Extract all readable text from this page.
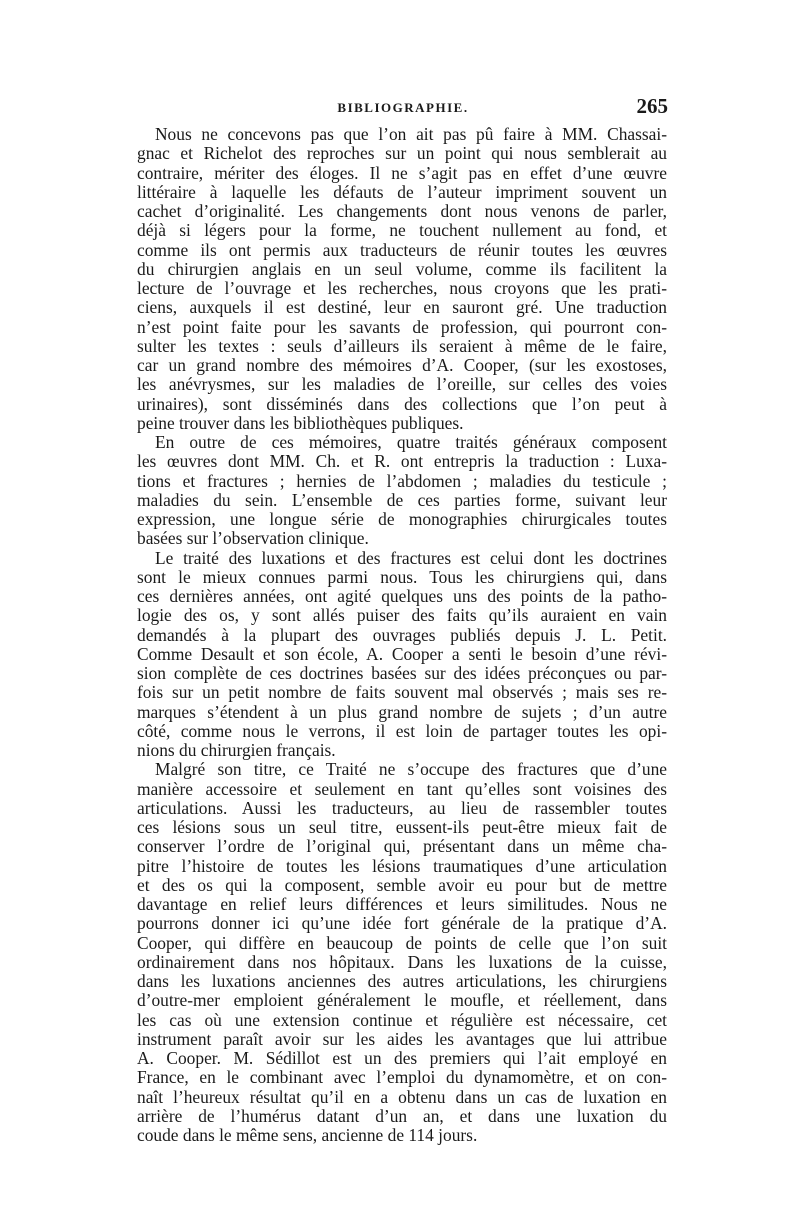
BIBLIOGRAPHIE.	265
Nous ne concevons pas que l’on ait pas pû faire à MM. Chassai-
gnac et Richelot des reproches sur un point qui nous semblerait au
contraire, mériter des éloges. Il ne s’agit pas en effet d’une œuvre
littéraire à laquelle les défauts de l’auteur impriment souvent un
cachet d’originalité. Les changements dont nous venons de parler,
déjà si légers pour la forme, ne touchent nullement au fond, et
comme ils ont permis aux traducteurs de réunir toutes les œuvres
du chirurgien anglais en un seul volume, comme ils facilitent la
lecture de l’ouvrage et les recherches, nous croyons que les prati-
ciens, auxquels il est destiné, leur en sauront gré. Une traduction
n’est point faite pour les savants de profession, qui pourront con-
sulter les textes : seuls d’ailleurs ils seraient à même de le faire,
car un grand nombre des mémoires d’A. Cooper, (sur les exostoses,
les anévrysmes, sur les maladies de l’oreille, sur celles des voies
urinaires), sont disséminés dans des collections que l’on peut à
peine trouver dans les bibliothèques publiques.
En outre de ces mémoires, quatre traités généraux composent
les œuvres dont MM. Ch. et R. ont entrepris la traduction : Luxa-
tions et fractures ; hernies de l’abdomen ; maladies du testicule ;
maladies du sein. L’ensemble de ces parties forme, suivant leur
expression, une longue série de monographies chirurgicales toutes
basées sur l’observation clinique.
Le traité des luxations et des fractures est celui dont les doctrines
sont le mieux connues parmi nous. Tous les chirurgiens qui, dans
ces dernières années, ont agité quelques uns des points de la patho-
logie des os, y sont allés puiser des faits qu’ils auraient en vain
demandés à la plupart des ouvrages publiés depuis J. L. Petit.
Comme Desault et son école, A. Cooper a senti le besoin d’une révi-
sion complète de ces doctrines basées sur des idées préconçues ou par-
fois sur un petit nombre de faits souvent mal observés ; mais ses re-
marques s’étendent à un plus grand nombre de sujets ; d’un autre
côté, comme nous le verrons, il est loin de partager toutes les opi-
nions du chirurgien français.
Malgré son titre, ce Traité ne s’occupe des fractures que d’une
manière accessoire et seulement en tant qu’elles sont voisines des
articulations. Aussi les traducteurs, au lieu de rassembler toutes
ces lésions sous un seul titre, eussent-ils peut-être mieux fait de
conserver l’ordre de l’original qui, présentant dans un même cha-
pitre l’histoire de toutes les lésions traumatiques d’une articulation
et des os qui la composent, semble avoir eu pour but de mettre
davantage en relief leurs différences et leurs similitudes. Nous ne
pourrons donner ici qu’une idée fort générale de la pratique d’A.
Cooper, qui diffère en beaucoup de points de celle que l’on suit
ordinairement dans nos hôpitaux. Dans les luxations de la cuisse,
dans les luxations anciennes des autres articulations, les chirurgiens
d’outre-mer emploient généralement le moufle, et réellement, dans
les cas où une extension continue et régulière est nécessaire, cet
instrument paraît avoir sur les aides les avantages que lui attribue
A. Cooper. M. Sédillot est un des premiers qui l’ait employé en
France, en le combinant avec l’emploi du dynamomètre, et on con-
naît l’heureux résultat qu’il en a obtenu dans un cas de luxation en
arrière de l’humérus datant d’un an, et dans une luxation du
coude dans le même sens, ancienne de 114 jours.
